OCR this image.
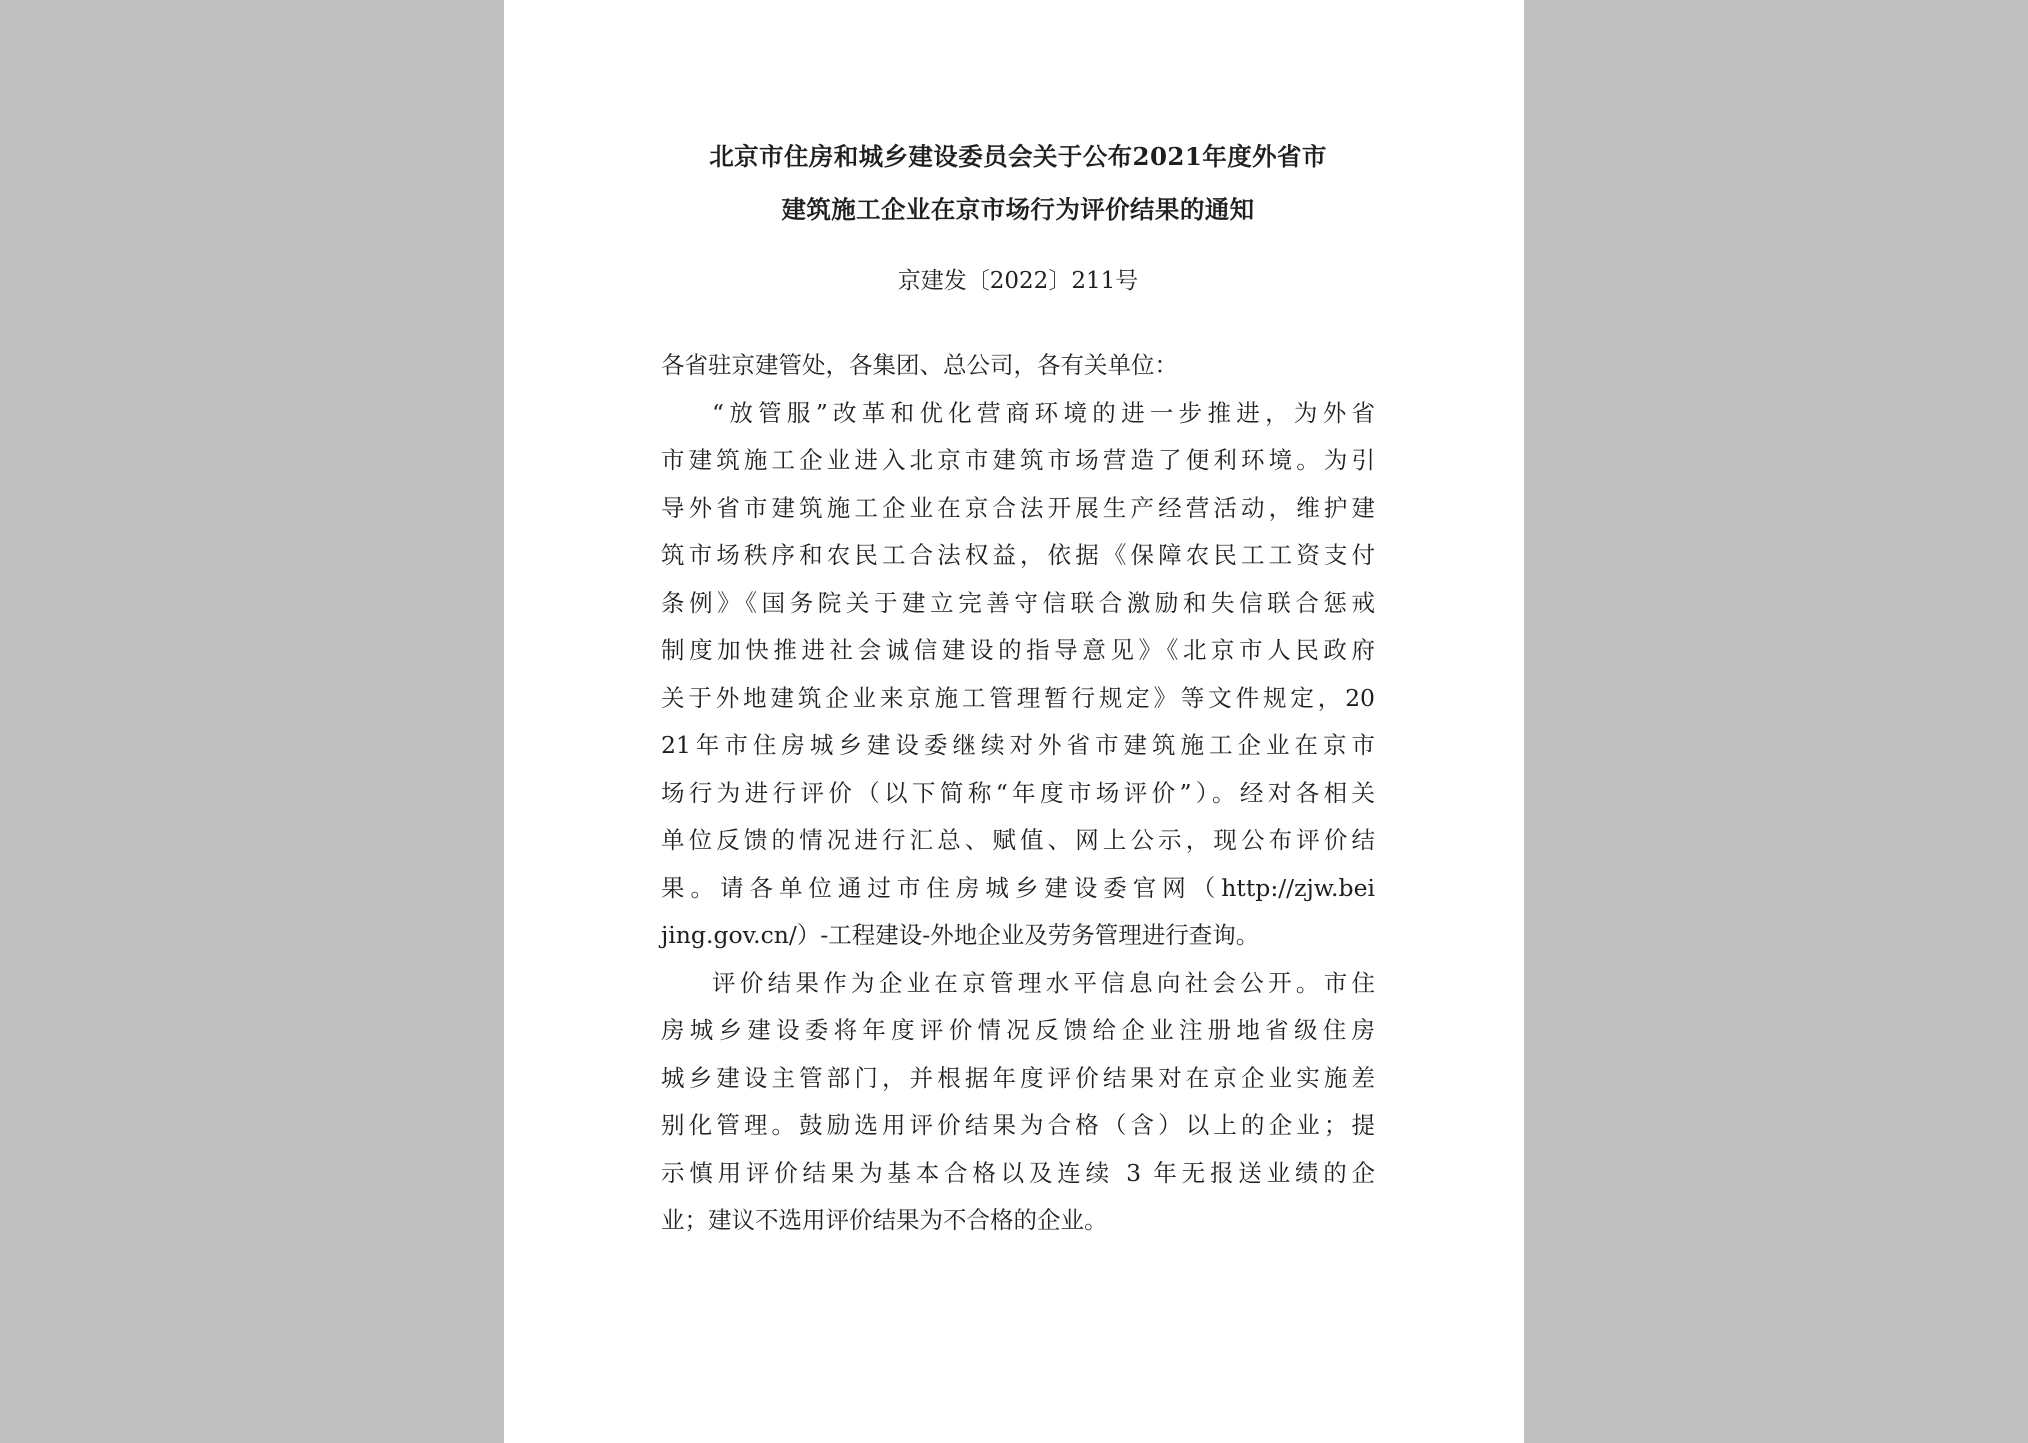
北京市住房和城乡建设委员会关于公布2021年度外省市
建筑施工企业在京市场行为评价结果的通知

京建发〔2022〕211号

各省驻京建管处，各集团、总公司，各有关单位：

“放管服”改革和优化营商环境的进一步推进，为外省
市建筑施工企业进入北京市建筑市场营造了便利环境。为引
导外省市建筑施工企业在京合法开展生产经营活动，维护建
筑市场秩序和农民工合法权益，依据《保障农民工工资支付
条例》《国务院关于建立完善守信联合激励和失信联合惩戒
制度加快推进社会诚信建设的指导意见》《北京市人民政府
关于外地建筑企业来京施工管理暂行规定》等文件规定，20
21年市住房城乡建设委继续对外省市建筑施工企业在京市
场行为进行评价（以下简称“年度市场评价”）。经对各相关
单位反馈的情况进行汇总、赋值、网上公示，现公布评价结
果。请各单位通过市住房城乡建设委官网（http://zjw.bei
jing.gov.cn/）-工程建设-外地企业及劳务管理进行查询。

评价结果作为企业在京管理水平信息向社会公开。市住
房城乡建设委将年度评价情况反馈给企业注册地省级住房
城乡建设主管部门，并根据年度评价结果对在京企业实施差
别化管理。鼓励选用评价结果为合格（含）以上的企业；提
示慎用评价结果为基本合格以及连续 3 年无报送业绩的企
业；建议不选用评价结果为不合格的企业。
